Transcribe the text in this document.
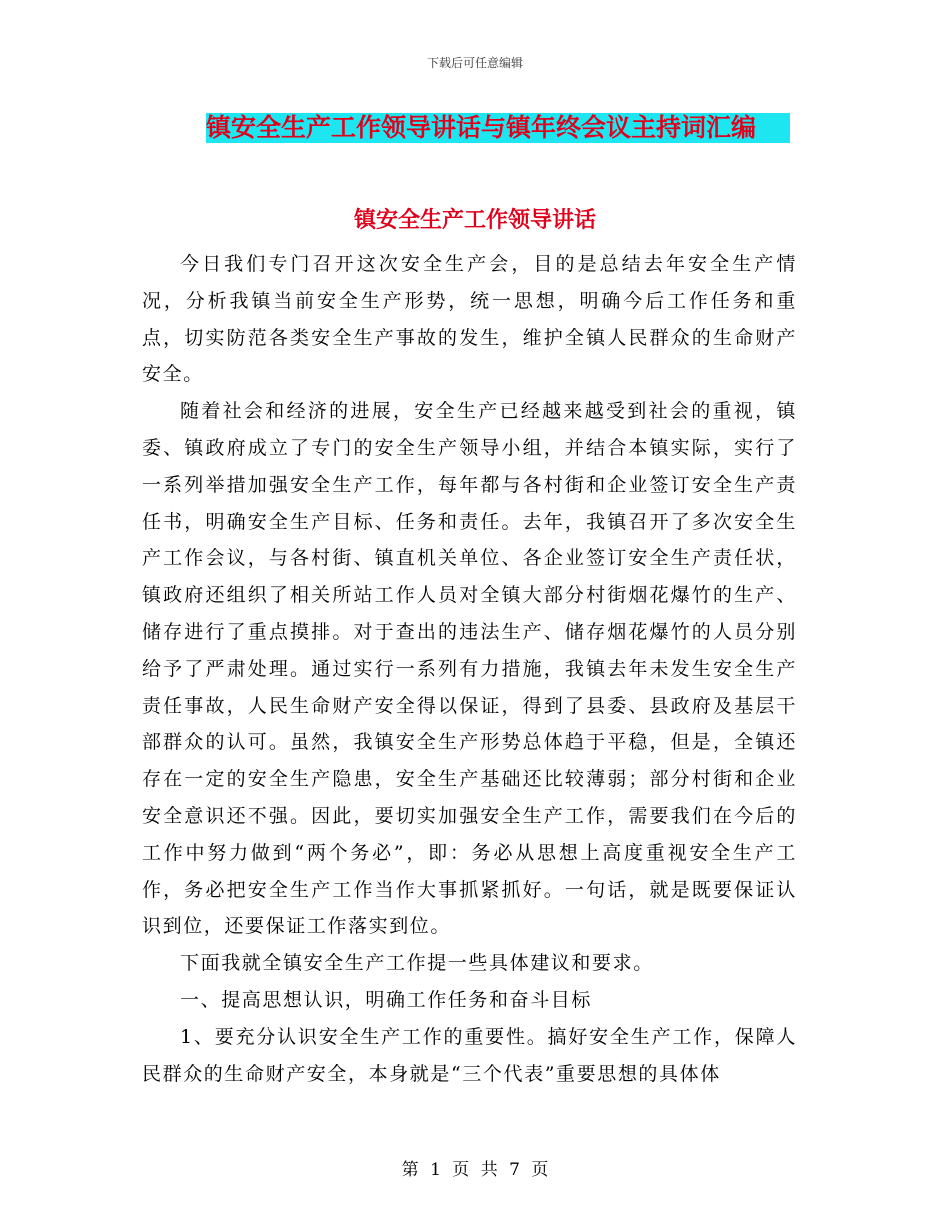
下载后可任意编辑
镇安全生产工作领导讲话与镇年终会议主持词汇编
镇安全生产工作领导讲话

今日我们专门召开这次安全生产会，目的是总结去年安全生产情况，分析我镇当前安全生产形势，统一思想，明确今后工作任务和重点，切实防范各类安全生产事故的发生，维护全镇人民群众的生命财产安全。

随着社会和经济的进展，安全生产已经越来越受到社会的重视，镇委、镇政府成立了专门的安全生产领导小组，并结合本镇实际，实行了一系列举措加强安全生产工作，每年都与各村街和企业签订安全生产责任书，明确安全生产目标、任务和责任。去年，我镇召开了多次安全生产工作会议，与各村街、镇直机关单位、各企业签订安全生产责任状，镇政府还组织了相关所站工作人员对全镇大部分村街烟花爆竹的生产、储存进行了重点摸排。对于查出的违法生产、储存烟花爆竹的人员分别给予了严肃处理。通过实行一系列有力措施，我镇去年未发生安全生产责任事故，人民生命财产安全得以保证，得到了县委、县政府及基层干部群众的认可。虽然，我镇安全生产形势总体趋于平稳，但是，全镇还存在一定的安全生产隐患，安全生产基础还比较薄弱；部分村街和企业安全意识还不强。因此，要切实加强安全生产工作，需要我们在今后的工作中努力做到“两个务必”，即：务必从思想上高度重视安全生产工作，务必把安全生产工作当作大事抓紧抓好。一句话，就是既要保证认识到位，还要保证工作落实到位。

下面我就全镇安全生产工作提一些具体建议和要求。

一、提高思想认识，明确工作任务和奋斗目标

1、要充分认识安全生产工作的重要性。搞好安全生产工作，保障人民群众的生命财产安全，本身就是“三个代表”重要思想的具体体

第 1 页 共 7 页
